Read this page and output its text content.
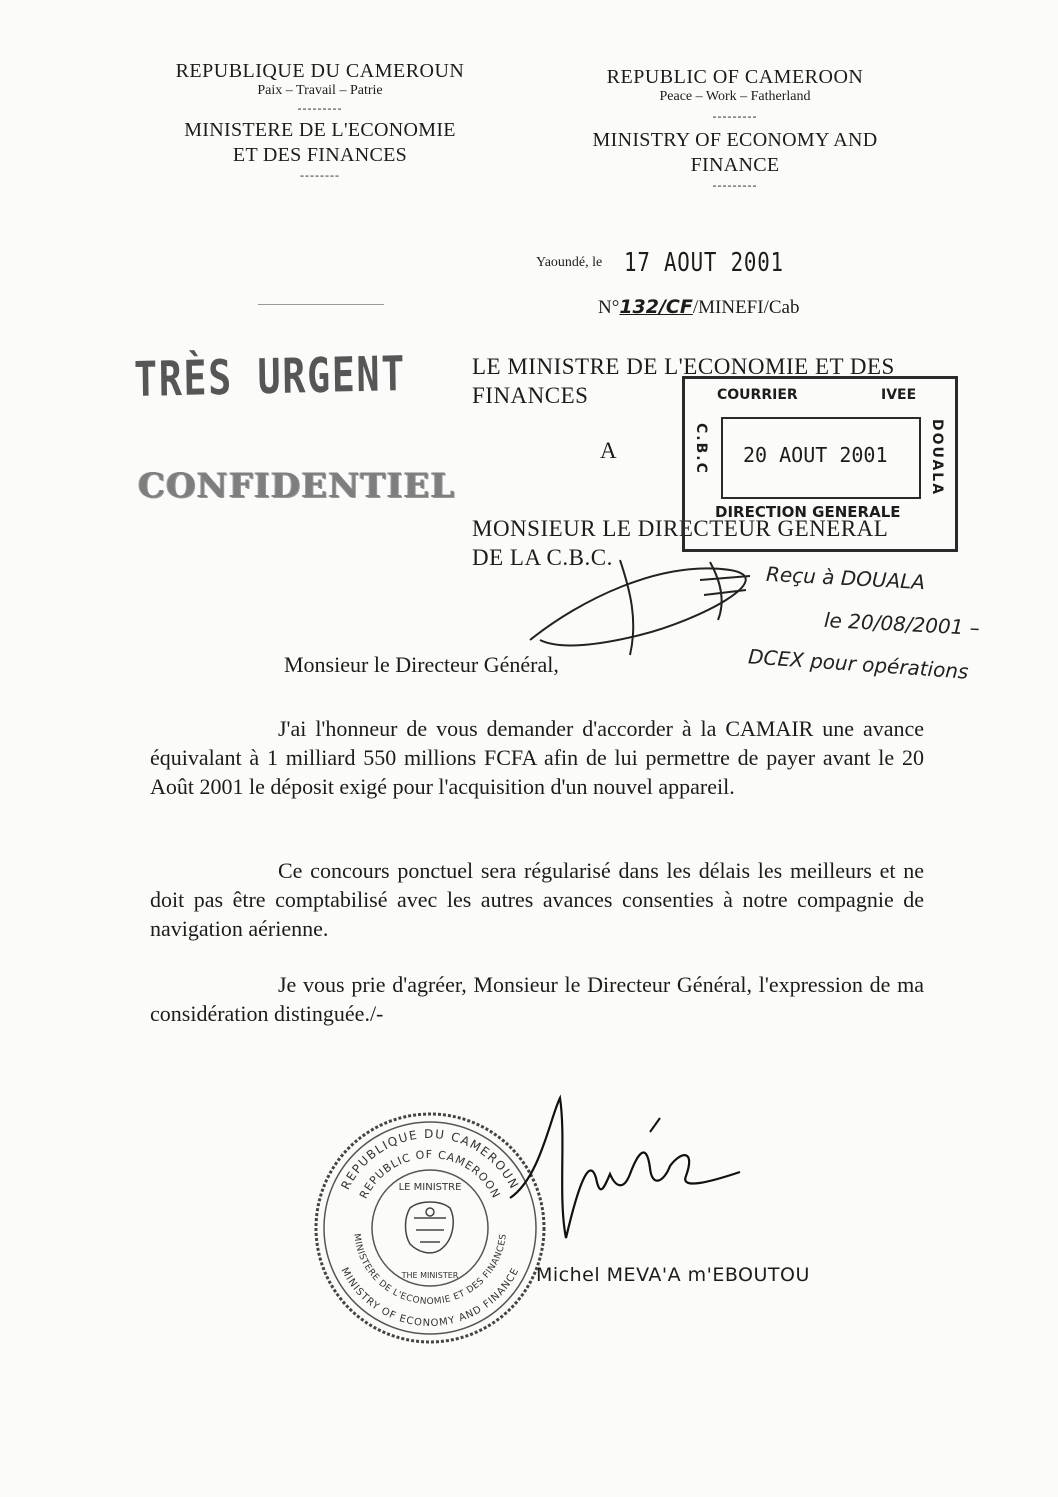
REPUBLIQUE DU CAMEROUN
Paix – Travail – Patrie
---------
MINISTERE DE L'ECONOMIE
ET DES FINANCES
--------
REPUBLIC OF CAMEROON
Peace – Work – Fatherland
---------
MINISTRY OF ECONOMY AND
FINANCE
---------
Yaoundé, le 17 AOUT 2001
N°132/CF/MINEFI/Cab
TRÈS URGENT
CONFIDENTIEL
LE MINISTRE DE L'ECONOMIE ET DES
FINANCES
A
MONSIEUR LE DIRECTEUR GENERAL
DE LA C.B.C.
COURRIER	IVEE
C.B.C	DOUALA
20 AOUT 2001
DIRECTION GENERALE
Reçu à DOUALA
le 20/08/2001 –
DCEX pour opérations
Monsieur le Directeur Général,
J'ai l'honneur de vous demander d'accorder à la CAMAIR une avance équivalant à 1 milliard 550 millions FCFA afin de lui permettre de payer avant le 20 Août 2001 le déposit exigé pour l'acquisition d'un nouvel appareil.
Ce concours ponctuel sera régularisé dans les délais les meilleurs et ne doit pas être comptabilisé avec les autres avances consenties à notre compagnie de navigation aérienne.
Je vous prie d'agréer, Monsieur le Directeur Général, l'expression de ma considération distinguée./-
REPUBLIQUE DU CAMEROUN
REPUBLIC OF CAMEROON
MINISTRY OF ECONOMY AND FINANCE
MINISTERE DE L'ECONOMIE ET DES FINANCES
LE MINISTRE
THE MINISTER	Michel MEVA'A m'EBOUTOU
